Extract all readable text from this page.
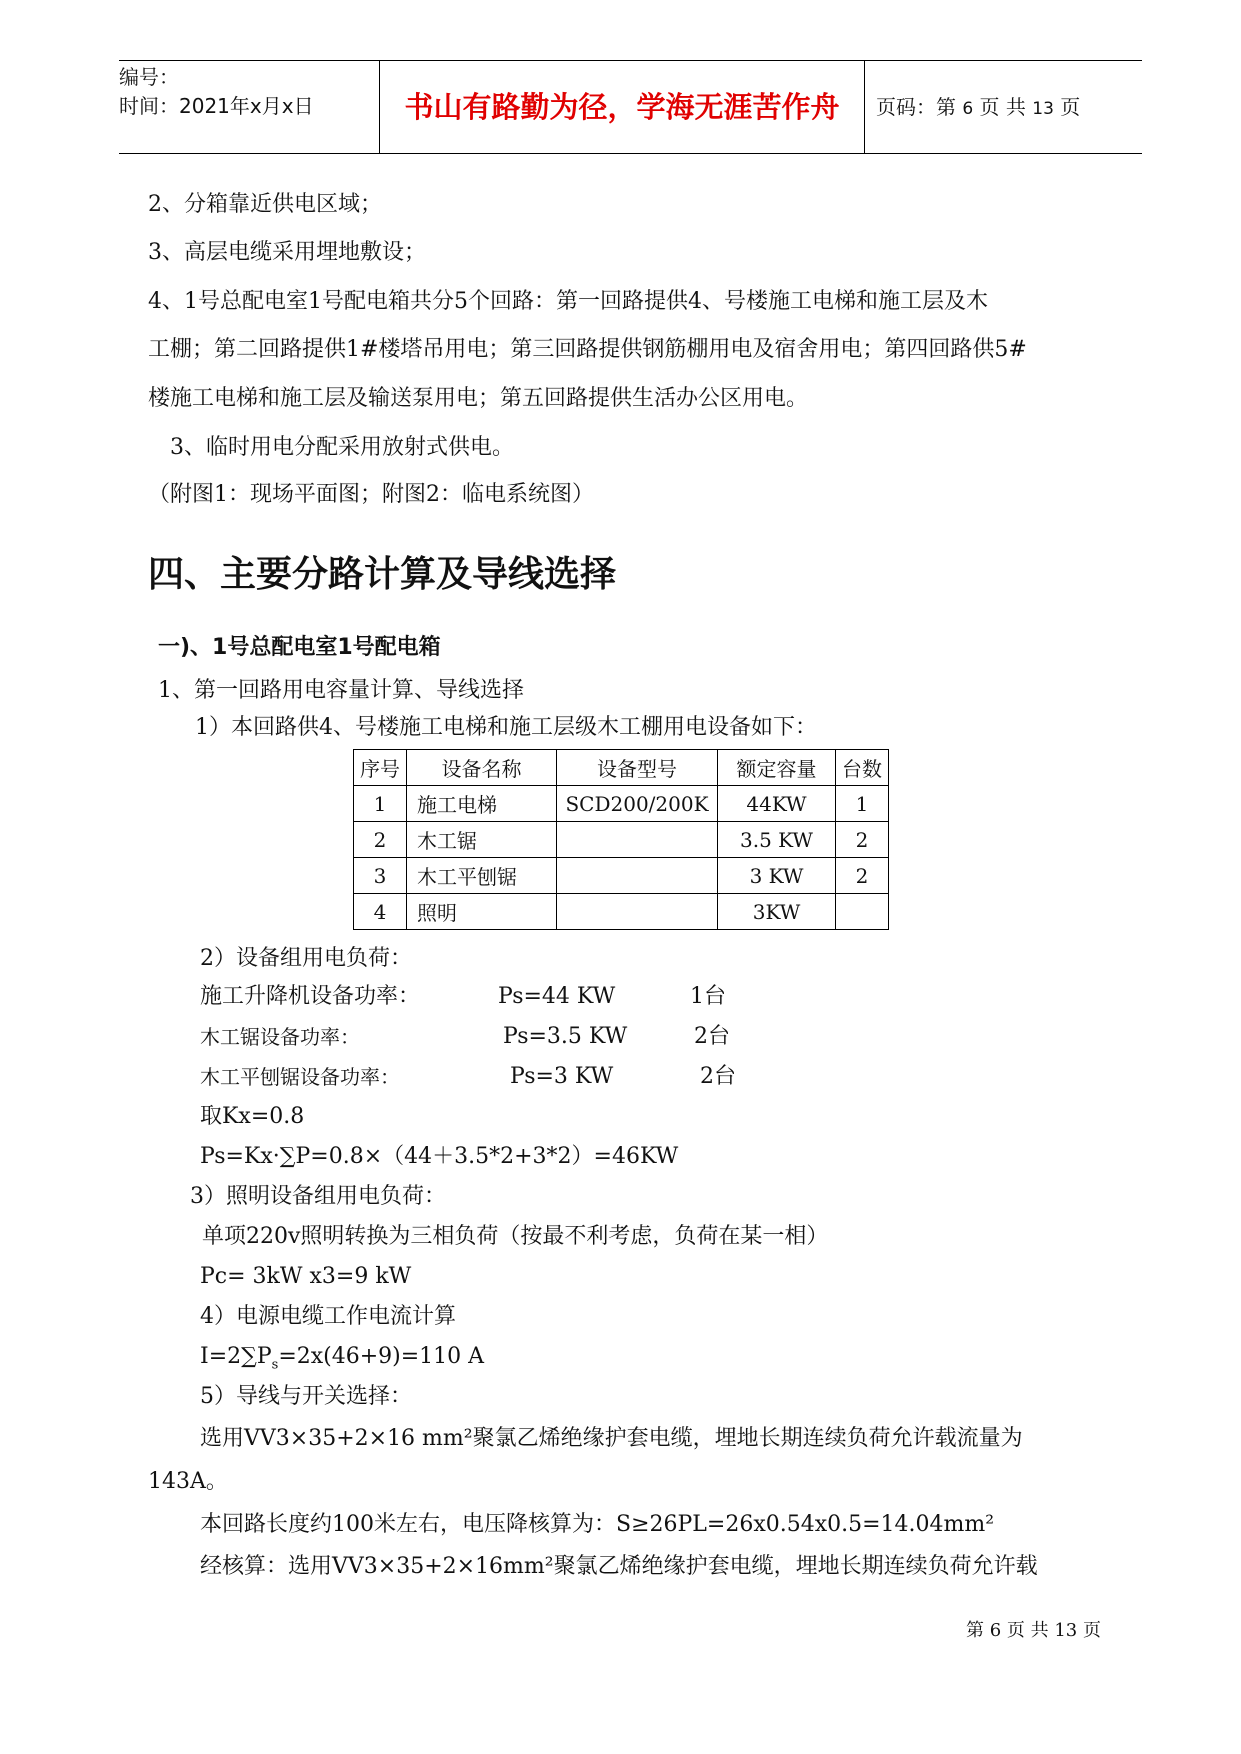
编号：
时间：2021年x月x日	书山有路勤为径，学海无涯苦作舟	页码：第 6 页 共 13 页
2、分箱靠近供电区域；
3、高层电缆采用埋地敷设；
4、1号总配电室1号配电箱共分5个回路：第一回路提供4、号楼施工电梯和施工层及木
工棚；第二回路提供1#楼塔吊用电；第三回路提供钢筋棚用电及宿舍用电；第四回路供5#
楼施工电梯和施工层及输送泵用电；第五回路提供生活办公区用电。
3、临时用电分配采用放射式供电。
（附图1：现场平面图；附图2：临电系统图）
四、主要分路计算及导线选择
一)、1号总配电室1号配电箱
1、第一回路用电容量计算、导线选择
1）本回路供4、号楼施工电梯和施工层级木工棚用电设备如下：
序号	设备名称	设备型号	额定容量	台数
1	施工电梯	SCD200/200K	44KW	1
2	木工锯		3.5 KW	2
3	木工平刨锯		3 KW	2
4	照明		3KW	
2）设备组用电负荷：
施工升降机设备功率：	Ps=44 KW	1台
木工锯设备功率：	Ps=3.5 KW	2台
木工平刨锯设备功率：	Ps=3 KW	2台
取Kx=0.8
Ps=Kx·∑P=0.8×（44＋3.5*2+3*2）=46KW
3）照明设备组用电负荷：
单项220v照明转换为三相负荷（按最不利考虑，负荷在某一相）
Pc= 3kW x3=9 kW
4）电源电缆工作电流计算
$I=2\sum P_s=2x(46+9)=110$ A
5）导线与开关选择：
选用VV3×35+2×16 mm²聚氯乙烯绝缘护套电缆，埋地长期连续负荷允许载流量为
143A。
本回路长度约100米左右，电压降核算为：S≥26PL=26x0.54x0.5=14.04mm²
经核算：选用VV3×35+2×16mm²聚氯乙烯绝缘护套电缆，埋地长期连续负荷允许载
第 6 页 共 13 页
